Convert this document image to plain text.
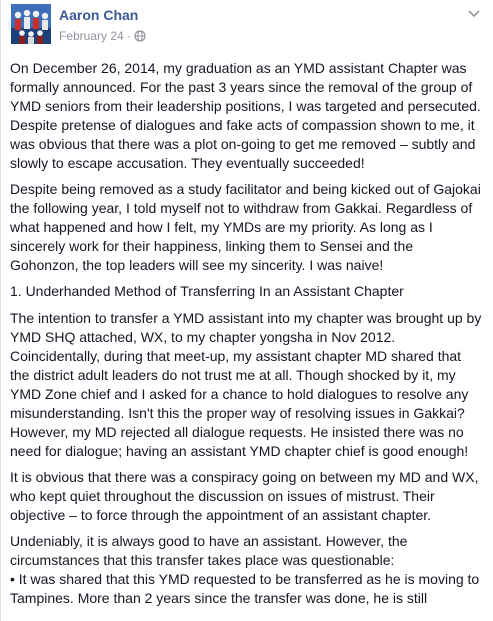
Aaron Chan
February 24 ·

On December 26, 2014, my graduation as an YMD assistant Chapter was formally announced. For the past 3 years since the removal of the group of YMD seniors from their leadership positions, I was targeted and persecuted. Despite pretense of dialogues and fake acts of compassion shown to me, it was obvious that there was a plot on-going to get me removed – subtly and slowly to escape accusation. They eventually succeeded!

Despite being removed as a study facilitator and being kicked out of Gajokai the following year, I told myself not to withdraw from Gakkai. Regardless of what happened and how I felt, my YMDs are my priority. As long as I sincerely work for their happiness, linking them to Sensei and the Gohonzon, the top leaders will see my sincerity. I was naive!

1. Underhanded Method of Transferring In an Assistant Chapter

The intention to transfer a YMD assistant into my chapter was brought up by YMD SHQ attached, WX, to my chapter yongsha in Nov 2012. Coincidentally, during that meet-up, my assistant chapter MD shared that the district adult leaders do not trust me at all. Though shocked by it, my YMD Zone chief and I asked for a chance to hold dialogues to resolve any misunderstanding. Isn't this the proper way of resolving issues in Gakkai? However, my MD rejected all dialogue requests. He insisted there was no need for dialogue; having an assistant YMD chapter chief is good enough!

It is obvious that there was a conspiracy going on between my MD and WX, who kept quiet throughout the discussion on issues of mistrust. Their objective – to force through the appointment of an assistant chapter.

Undeniably, it is always good to have an assistant. However, the circumstances that this transfer takes place was questionable:
• It was shared that this YMD requested to be transferred as he is moving to Tampines. More than 2 years since the transfer was done, he is still
